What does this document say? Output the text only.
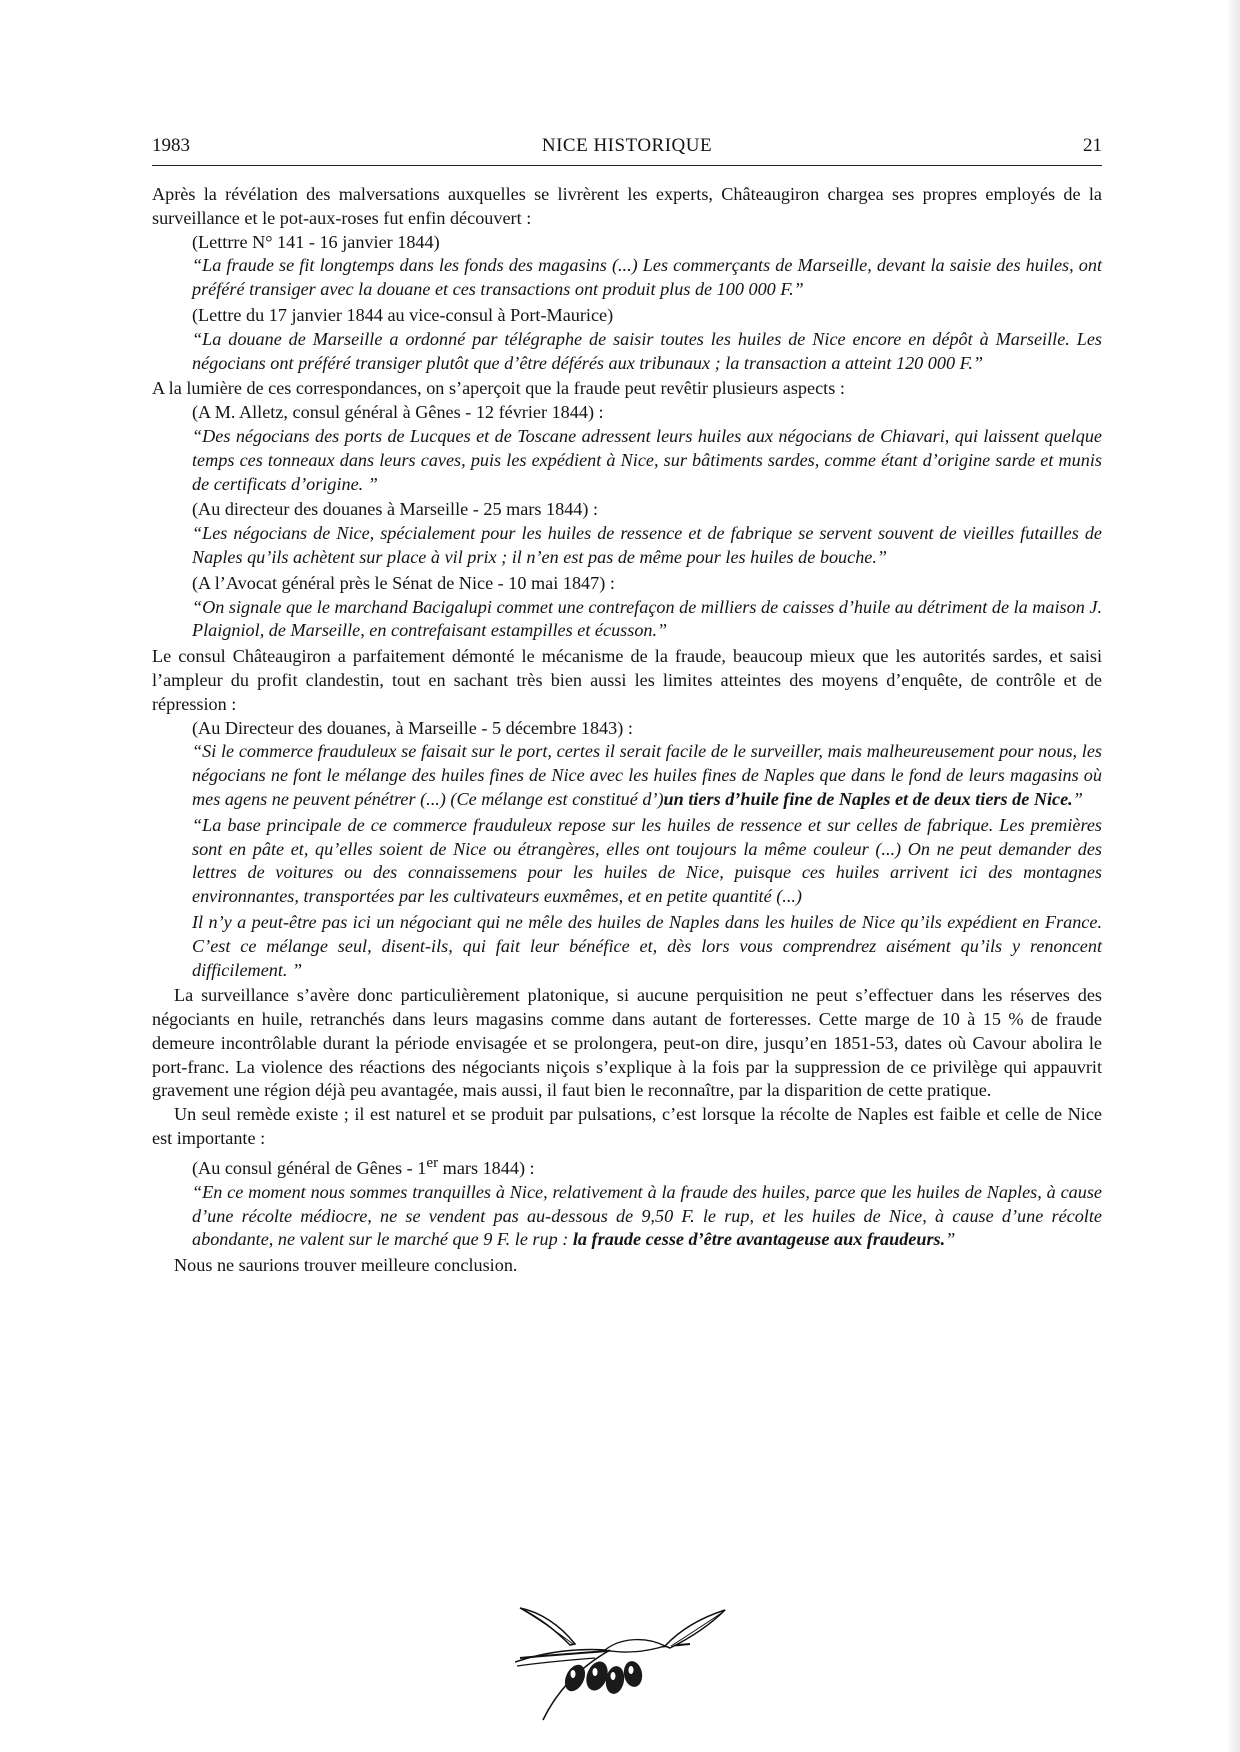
1983	NICE HISTORIQUE	21

Après la révélation des malversations auxquelles se livrèrent les experts, Châteaugiron chargea ses propres employés de la surveillance et le pot-aux-roses fut enfin découvert :

(Lettrre N° 141 - 16 janvier 1844)

“La fraude se fit longtemps dans les fonds des magasins (...) Les commerçants de Marseille, devant la saisie des huiles, ont préféré transiger avec la douane et ces transactions ont produit plus de 100 000 F.”

(Lettre du 17 janvier 1844 au vice-consul à Port-Maurice)

“La douane de Marseille a ordonné par télégraphe de saisir toutes les huiles de Nice encore en dépôt à Marseille. Les négocians ont préféré transiger plutôt que d’être déférés aux tribunaux ; la transaction a atteint 120 000 F.”

A la lumière de ces correspondances, on s’aperçoit que la fraude peut revêtir plusieurs aspects :

(A M. Alletz, consul général à Gênes - 12 février 1844) :

“Des négocians des ports de Lucques et de Toscane adressent leurs huiles aux négocians de Chiavari, qui laissent quelque temps ces tonneaux dans leurs caves, puis les expédient à Nice, sur bâtiments sardes, comme étant d’origine sarde et munis de certificats d’origine. ”

(Au directeur des douanes à Marseille - 25 mars 1844) :

“Les négocians de Nice, spécialement pour les huiles de ressence et de fabrique se servent souvent de vieilles futailles de Naples qu’ils achètent sur place à vil prix ; il n’en est pas de même pour les huiles de bouche.”

(A l’Avocat général près le Sénat de Nice - 10 mai 1847) :

“On signale que le marchand Bacigalupi commet une contrefaçon de milliers de caisses d’huile au détriment de la maison J. Plaigniol, de Marseille, en contrefaisant estampilles et écusson.”

Le consul Châteaugiron a parfaitement démonté le mécanisme de la fraude, beaucoup mieux que les autorités sardes, et saisi l’ampleur du profit clandestin, tout en sachant très bien aussi les limites atteintes des moyens d’enquête, de contrôle et de répression :

(Au Directeur des douanes, à Marseille - 5 décembre 1843) :

“Si le commerce frauduleux se faisait sur le port, certes il serait facile de le surveiller, mais malheureusement pour nous, les négocians ne font le mélange des huiles fines de Nice avec les huiles fines de Naples que dans le fond de leurs magasins où mes agens ne peuvent pénétrer (...) (Ce mélange est constitué d’)un tiers d’huile fine de Naples et de deux tiers de Nice.”

“La base principale de ce commerce frauduleux repose sur les huiles de ressence et sur celles de fabrique. Les premières sont en pâte et, qu’elles soient de Nice ou étrangères, elles ont toujours la même couleur (...) On ne peut demander des lettres de voitures ou des connaissemens pour les huiles de Nice, puisque ces huiles arrivent ici des montagnes environnantes, transportées par les cultivateurs euxmêmes, et en petite quantité (...)

Il n’y a peut-être pas ici un négociant qui ne mêle des huiles de Naples dans les huiles de Nice qu’ils expédient en France. C’est ce mélange seul, disent-ils, qui fait leur bénéfice et, dès lors vous comprendrez aisément qu’ils y renoncent difficilement. ”

La surveillance s’avère donc particulièrement platonique, si aucune perquisition ne peut s’effectuer dans les réserves des négociants en huile, retranchés dans leurs magasins comme dans autant de forteresses. Cette marge de 10 à 15 % de fraude demeure incontrôlable durant la période envisagée et se prolongera, peut-on dire, jusqu’en 1851-53, dates où Cavour abolira le port-franc. La violence des réactions des négociants niçois s’explique à la fois par la suppression de ce privilège qui appauvrit gravement une région déjà peu avantagée, mais aussi, il faut bien le reconnaître, par la disparition de cette pratique.

Un seul remède existe ; il est naturel et se produit par pulsations, c’est lorsque la récolte de Naples est faible et celle de Nice est importante :

(Au consul général de Gênes - 1er mars 1844) :

“En ce moment nous sommes tranquilles à Nice, relativement à la fraude des huiles, parce que les huiles de Naples, à cause d’une récolte médiocre, ne se vendent pas au-dessous de 9,50 F. le rup, et les huiles de Nice, à cause d’une récolte abondante, ne valent sur le marché que 9 F. le rup : la fraude cesse d’être avantageuse aux fraudeurs.”

Nous ne saurions trouver meilleure conclusion.
